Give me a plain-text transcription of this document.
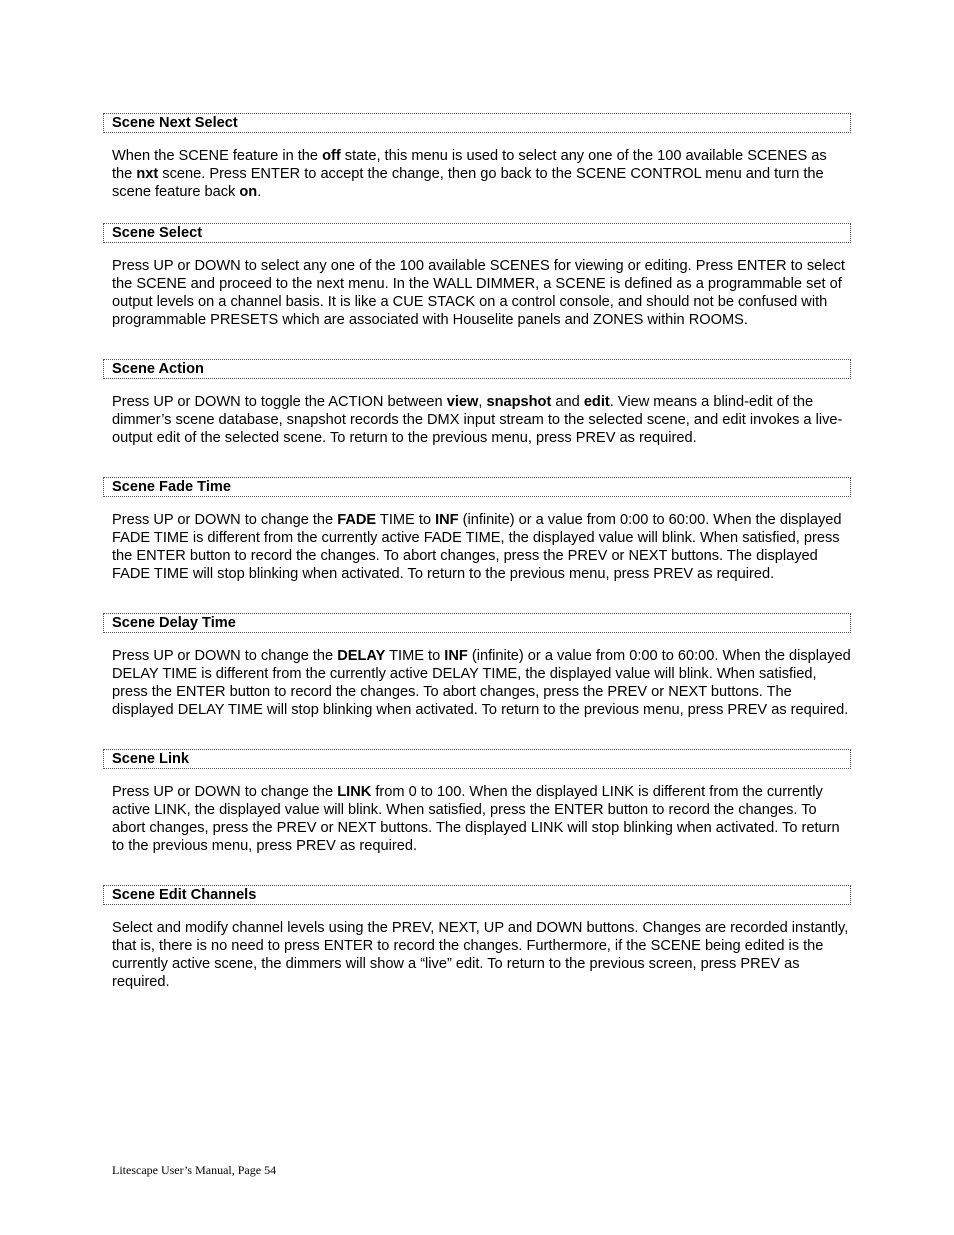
Scene Next Select

When the SCENE feature in the off state, this menu is used to select any one of the 100 available SCENES as the nxt scene. Press ENTER to accept the change, then go back to the SCENE CONTROL menu and turn the scene feature back on.

Scene Select

Press UP or DOWN to select any one of the 100 available SCENES for viewing or editing. Press ENTER to select the SCENE and proceed to the next menu. In the WALL DIMMER, a SCENE is defined as a programmable set of output levels on a channel basis. It is like a CUE STACK on a control console, and should not be confused with programmable PRESETS which are associated with Houselite panels and ZONES within ROOMS.

Scene Action

Press UP or DOWN to toggle the ACTION between view, snapshot and edit. View means a blind-edit of the dimmer’s scene database, snapshot records the DMX input stream to the selected scene, and edit invokes a live-output edit of the selected scene. To return to the previous menu, press PREV as required.

Scene Fade Time

Press UP or DOWN to change the FADE TIME to INF (infinite) or a value from 0:00 to 60:00. When the displayed FADE TIME is different from the currently active FADE TIME, the displayed value will blink. When satisfied, press the ENTER button to record the changes. To abort changes, press the PREV or NEXT buttons. The displayed FADE TIME will stop blinking when activated. To return to the previous menu, press PREV as required.

Scene Delay Time

Press UP or DOWN to change the DELAY TIME to INF (infinite) or a value from 0:00 to 60:00. When the displayed DELAY TIME is different from the currently active DELAY TIME, the displayed value will blink. When satisfied, press the ENTER button to record the changes. To abort changes, press the PREV or NEXT buttons. The displayed DELAY TIME will stop blinking when activated. To return to the previous menu, press PREV as required.

Scene Link

Press UP or DOWN to change the LINK from 0 to 100. When the displayed LINK is different from the currently active LINK, the displayed value will blink. When satisfied, press the ENTER button to record the changes. To abort changes, press the PREV or NEXT buttons. The displayed LINK will stop blinking when activated. To return to the previous menu, press PREV as required.

Scene Edit Channels

Select and modify channel levels using the PREV, NEXT, UP and DOWN buttons. Changes are recorded instantly, that is, there is no need to press ENTER to record the changes. Furthermore, if the SCENE being edited is the currently active scene, the dimmers will show a “live” edit. To return to the previous screen, press PREV as required.

Litescape User’s Manual, Page 54
